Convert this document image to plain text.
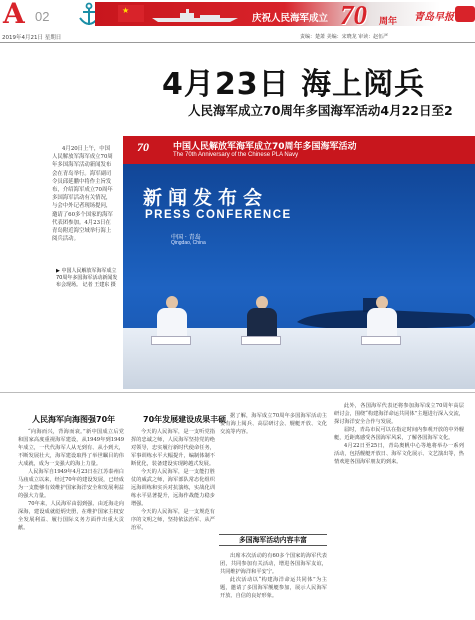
A 02	★
庆祝人民海军成立 70 周年 青岛早报
2019年4月21日 星期日	责编：楚萧 美编：宋晓龙 审读：赵伍严
4月23日 海上阅兵
人民海军成立70周年多国海军活动4月22日至2
4月20日上午，中国人民解放军海军成立70周年多国海军活动新闻发布会在青岛举行。海军副司令员邱延鹏中将作主旨发布，介绍海军成立70周年多国海军活动有关情况，与会中外记者现场提问，邀请了60多个国家的海军代表团参加。4月23日在青岛附近海空域举行海上阅兵活动。
▶ 中国人民解放军海军成立70周年多国海军活动新闻发布会现场。 记者 王建东 摄
70	中国人民解放军海军成立70周年多国海军活动
The 70th Anniversary of the Chinese PLA Navy
新闻发布会
PRESS CONFERENCE
中国 · 青岛
Qingdao, China
人民海军向海图强70年

“向海而兴，背海而衰。”新中国成立后党和国家高度重视海军建设，从1949年到1949年成立，一代代海军人从无到有、从小到大，不断发展壮大，海军建设取得了举世瞩目的伟大成就，成为一支强大的海上力量。

人民海军自1949年4月23日在江苏泰州白马庙成立以来，经过70年的建设发展，已经成为一支能够有效维护国家海洋安全和发展利益的强大力量。

70年来，人民海军由弱到强、由近海走向深海，建设成就彪炳史册，在维护国家主权安全发展利益、履行国际义务方面作出重大贡献。

70年发展建设成果丰硕

今天的人民海军，是一支听党指挥的忠诚之师，人民海军坚持党的绝对领导，忠实履行新时代使命任务，军事训练水平大幅提升，编制体制不断优化，装备建设实现跨越式发展。

今天的人民海军，是一支能打胜仗的威武之师，海军部队常态化组织远海训练和实兵对抗演练，实战化训练水平显著提升，远海作战能力稳步增强。

今天的人民海军，是一支规范有序的文明之师，坚持依法治军、从严治军。

据了解，海军成立70周年多国海军活动主要有海上阅兵、高层研讨会、舰艇开放、文化交流等内容。

多国海军活动内容丰富

出席本次活动的有60多个国家的海军代表团，共同参加有关活动，增进各国海军友谊，共同维护海洋和平安宁。

此次活动以“构建海洋命运共同体”为主题，邀请了多国海军舰艇参加，展示人民海军开放、自信的良好形象。

此外，各国海军代表还将参加海军成立70周年高层研讨会，围绕“构建海洋命运共同体”主题进行深入交流，探讨海洋安全合作与发展。

届时，青岛市民可以在指定时间内参观开放的中外舰艇，近距离感受各国海军风采，了解各国海军文化。

4月22日至25日，青岛奥帆中心等地将举办一系列活动，包括舰艇开放日、海军文化展示、文艺演出等，热情欢迎各国海军朋友的到来。
